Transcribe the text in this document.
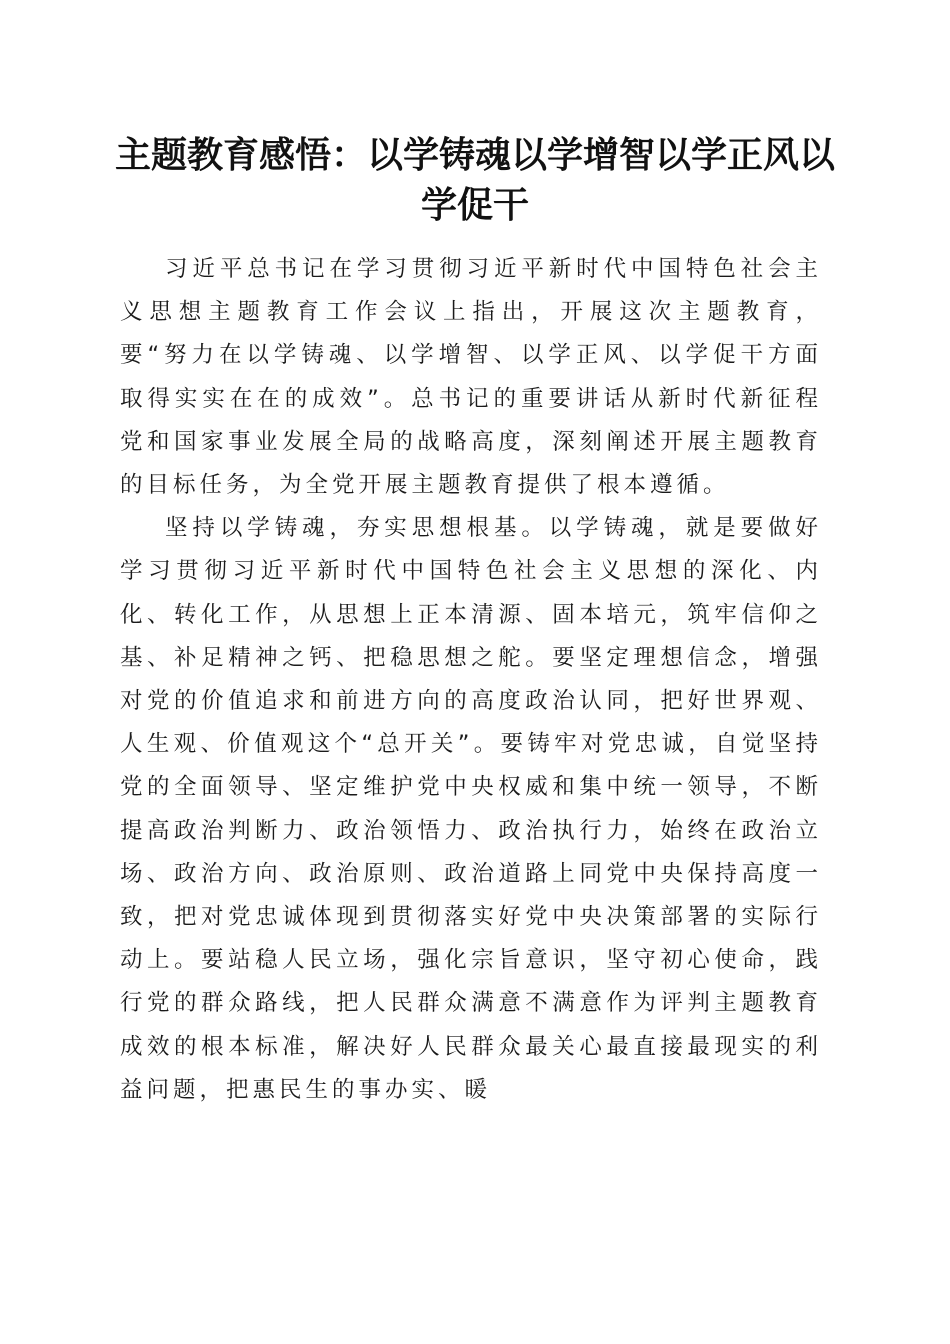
主题教育感悟：以学铸魂以学增智以学正风以学促干

习近平总书记在学习贯彻习近平新时代中国特色社会主义思想主题教育工作会议上指出，开展这次主题教育，要“努力在以学铸魂、以学增智、以学正风、以学促干方面取得实实在在的成效”。总书记的重要讲话从新时代新征程党和国家事业发展全局的战略高度，深刻阐述开展主题教育的目标任务，为全党开展主题教育提供了根本遵循。

坚持以学铸魂，夯实思想根基。以学铸魂，就是要做好学习贯彻习近平新时代中国特色社会主义思想的深化、内化、转化工作，从思想上正本清源、固本培元，筑牢信仰之基、补足精神之钙、把稳思想之舵。要坚定理想信念，增强对党的价值追求和前进方向的高度政治认同，把好世界观、人生观、价值观这个“总开关”。要铸牢对党忠诚，自觉坚持党的全面领导、坚定维护党中央权威和集中统一领导，不断提高政治判断力、政治领悟力、政治执行力，始终在政治立场、政治方向、政治原则、政治道路上同党中央保持高度一致，把对党忠诚体现到贯彻落实好党中央决策部署的实际行动上。要站稳人民立场，强化宗旨意识，坚守初心使命，践行党的群众路线，把人民群众满意不满意作为评判主题教育成效的根本标准，解决好人民群众最关心最直接最现实的利益问题，把惠民生的事办实、暖
